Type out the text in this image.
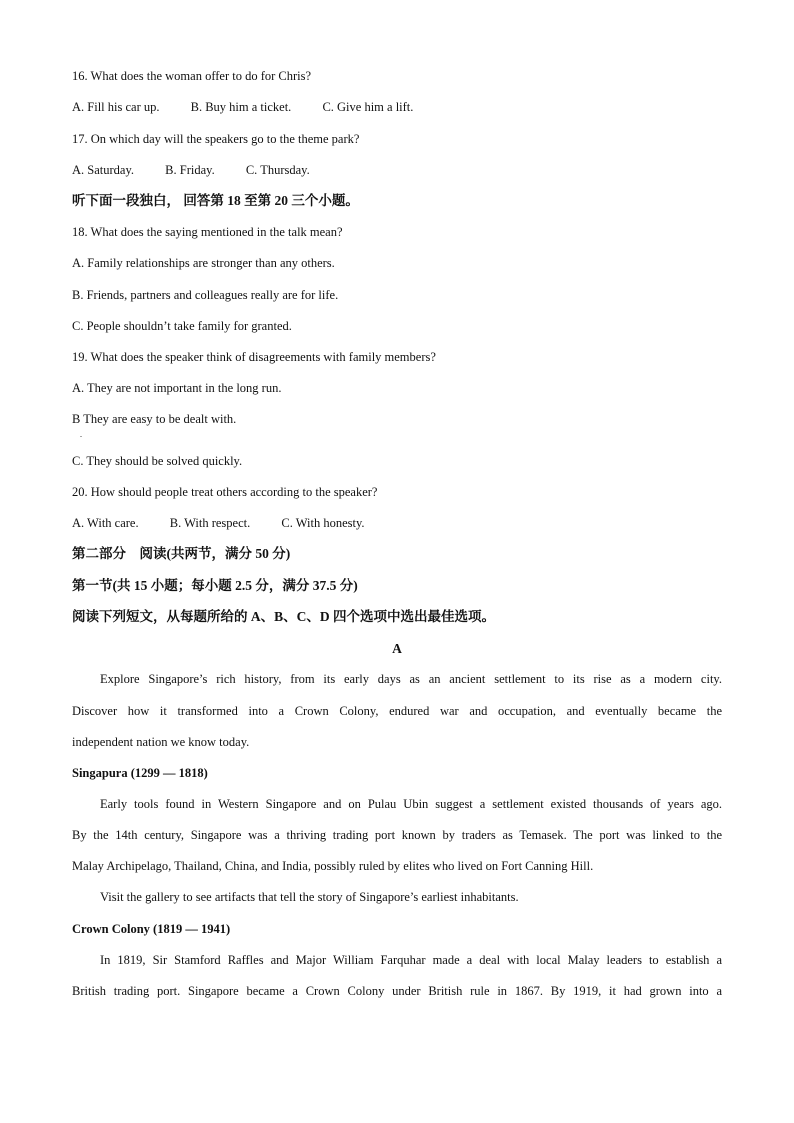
16. What does the woman offer to do for Chris?
A. Fill his car up. B. Buy him a ticket. C. Give him a lift.
17. On which day will the speakers go to the theme park?
A. Saturday. B. Friday. C. Thursday.
听下面一段独白， 回答第 18 至第 20 三个小题。
18. What does the saying mentioned in the talk mean?
A. Family relationships are stronger than any others.
B. Friends, partners and colleagues really are for life.
C. People shouldn’t take family for granted.
19. What does the speaker think of disagreements with family members?
A. They are not important in the long run.
B They are easy to be dealt with.
.
C. They should be solved quickly.
20. How should people treat others according to the speaker?
A. With care. B. With respect. C. With honesty.
第二部分　阅读(共两节，满分 50 分)
第一节(共 15 小题；每小题 2.5 分，满分 37.5 分)
阅读下列短文，从每题所给的 A、B、C、D 四个选项中选出最佳选项。
A
Explore Singapore’s rich history, from its early days as an ancient settlement to its rise as a modern city.
Discover how it transformed into a Crown Colony, endured war and occupation, and eventually became the
independent nation we know today.
Singapura (1299 — 1818)
Early tools found in Western Singapore and on Pulau Ubin suggest a settlement existed thousands of years ago.
By the 14th century, Singapore was a thriving trading port known by traders as Temasek. The port was linked to the
Malay Archipelago, Thailand, China, and India, possibly ruled by elites who lived on Fort Canning Hill.
Visit the gallery to see artifacts that tell the story of Singapore’s earliest inhabitants.
Crown Colony (1819 — 1941)
In 1819, Sir Stamford Raffles and Major William Farquhar made a deal with local Malay leaders to establish a
British trading port. Singapore became a Crown Colony under British rule in 1867. By 1919, it had grown into a
